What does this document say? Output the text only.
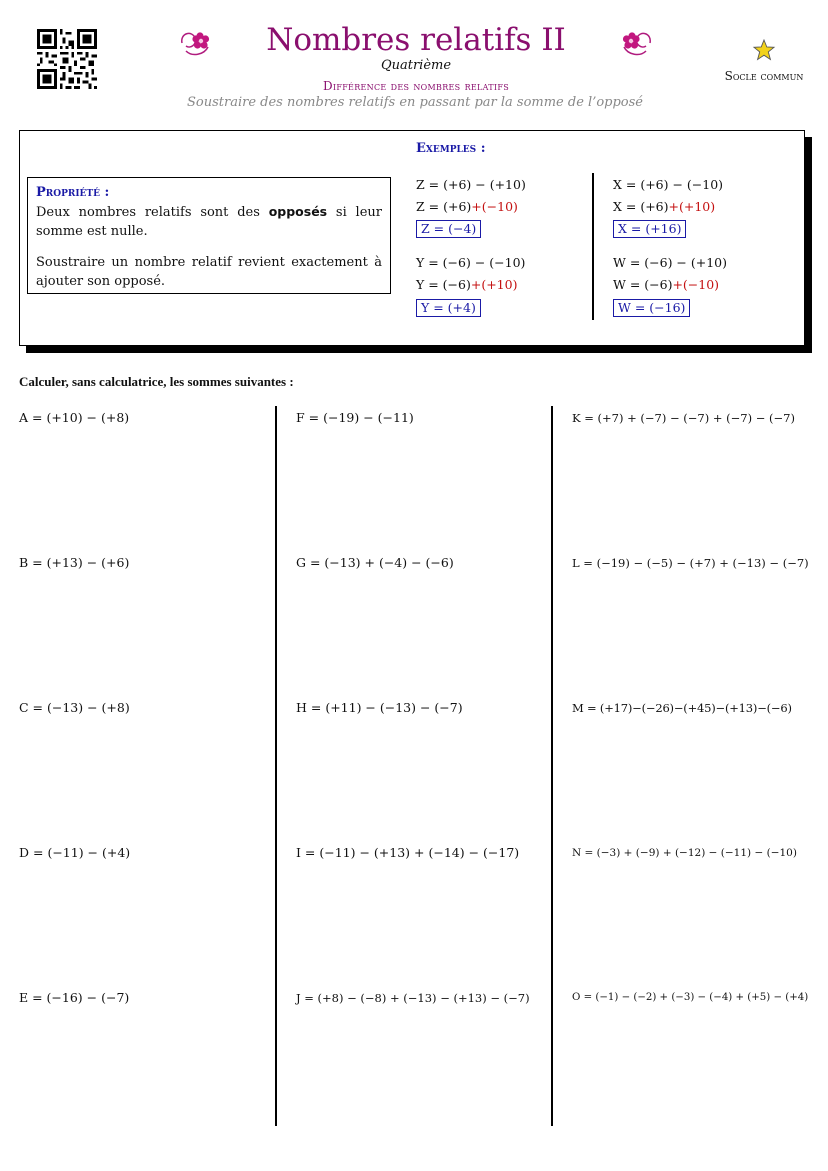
Nombres relatifs II
Quatrième
Différence des nombres relatifs
Soustraire des nombres relatifs en passant par la somme de l’opposé
Socle commun
Propriété :

Deux nombres relatifs sont des opposés si leur somme est nulle.

Soustraire un nombre relatif revient exactement à ajouter son opposé.

Exemples :
Z = (+6) − (+10)
Z = (+6)+(−10)
Z = (−4)
Y = (−6) − (−10)
Y = (−6)+(+10)
Y = (+4)
X = (+6) − (−10)
X = (+6)+(+10)
X = (+16)
W = (−6) − (+10)
W = (−6)+(−10)
W = (−16)
Calculer, sans calculatrice, les sommes suivantes :
A = (+10) − (+8)
B = (+13) − (+6)
C = (−13) − (+8)
D = (−11) − (+4)
E = (−16) − (−7)
F = (−19) − (−11)
G = (−13) + (−4) − (−6)
H = (+11) − (−13) − (−7)
I = (−11) − (+13) + (−14) − (−17)
J = (+8) − (−8) + (−13) − (+13) − (−7)
K = (+7) + (−7) − (−7) + (−7) − (−7)
L = (−19) − (−5) − (+7) + (−13) − (−7)
M = (+17)−(−26)−(+45)−(+13)−(−6)
N = (−3) + (−9) + (−12) − (−11) − (−10)
O = (−1) − (−2) + (−3) − (−4) + (+5) − (+4)
